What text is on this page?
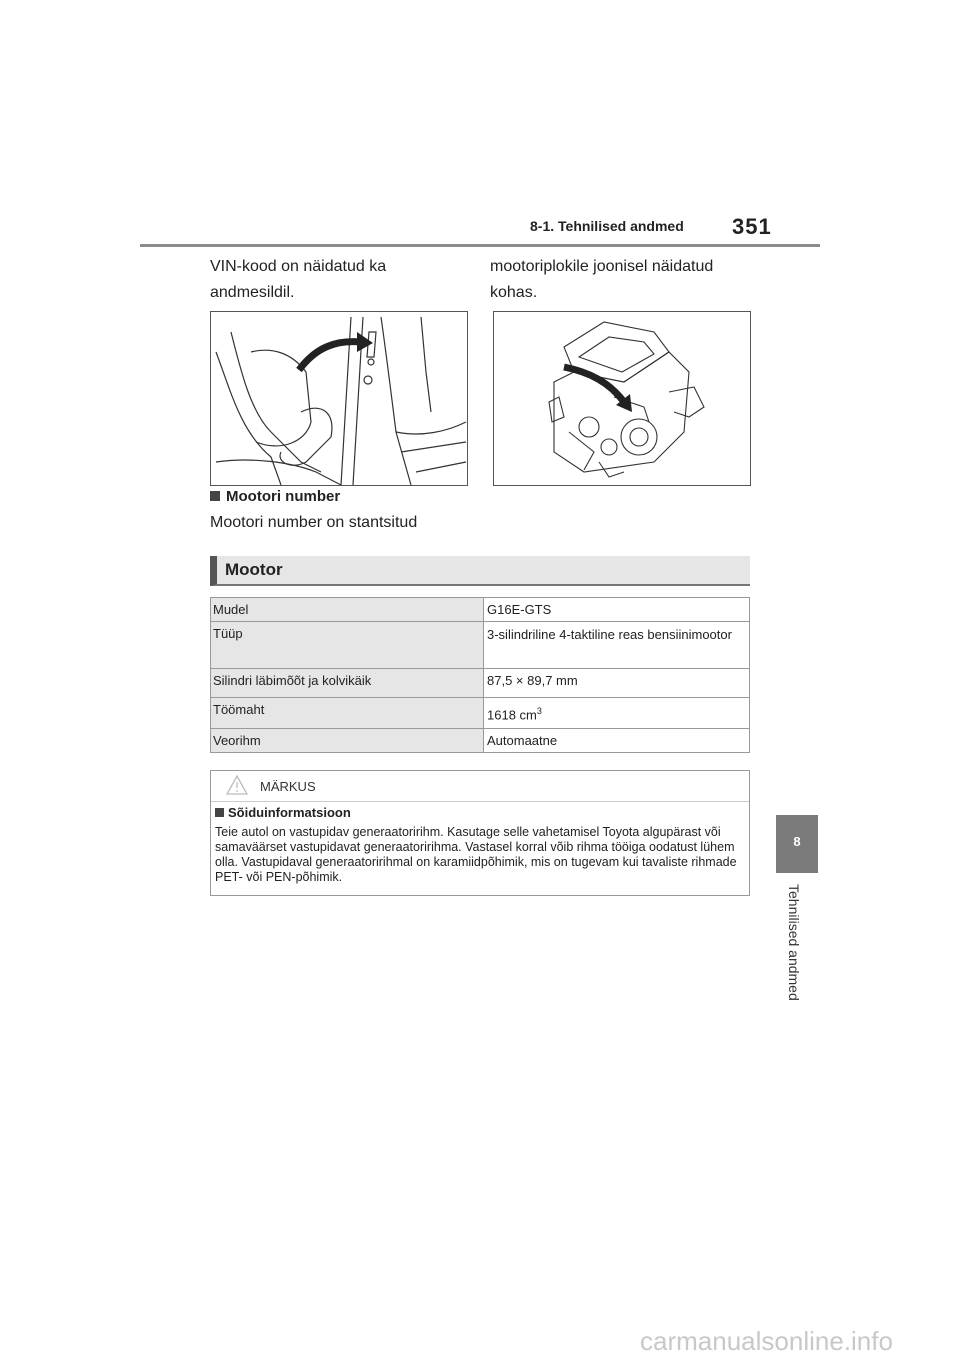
8-1. Tehnilised andmed 351
VIN-kood on näidatud ka andmesildil.
mootoriplokile joonisel näidatud kohas.
Mootori number
Mootori number on stantsitud
Mootor
Mudel	G16E-GTS
Tüüp	3-silindriline 4-taktiline reas bensiinimootor
Silindri läbimõõt ja kolvikäik	87,5 × 89,7 mm
Töömaht	1618 $cm^3$
Veorihm	Automaatne
MÄRKUS
Sõiduinformatsioon
Teie autol on vastupidav generaatoririhm. Kasutage selle vahetamisel Toyota algupärast või samaväärset vastupidavat generaatoririhma. Vastasel korral võib rihma tööiga oodatust lühem olla. Vastupidaval generaatoririhmal on karamiidpõhimik, mis on tugevam kui tavaliste rihmade PET- või PEN-põhimik.
8
Tehnilised andmed
carmanualsonline.info
